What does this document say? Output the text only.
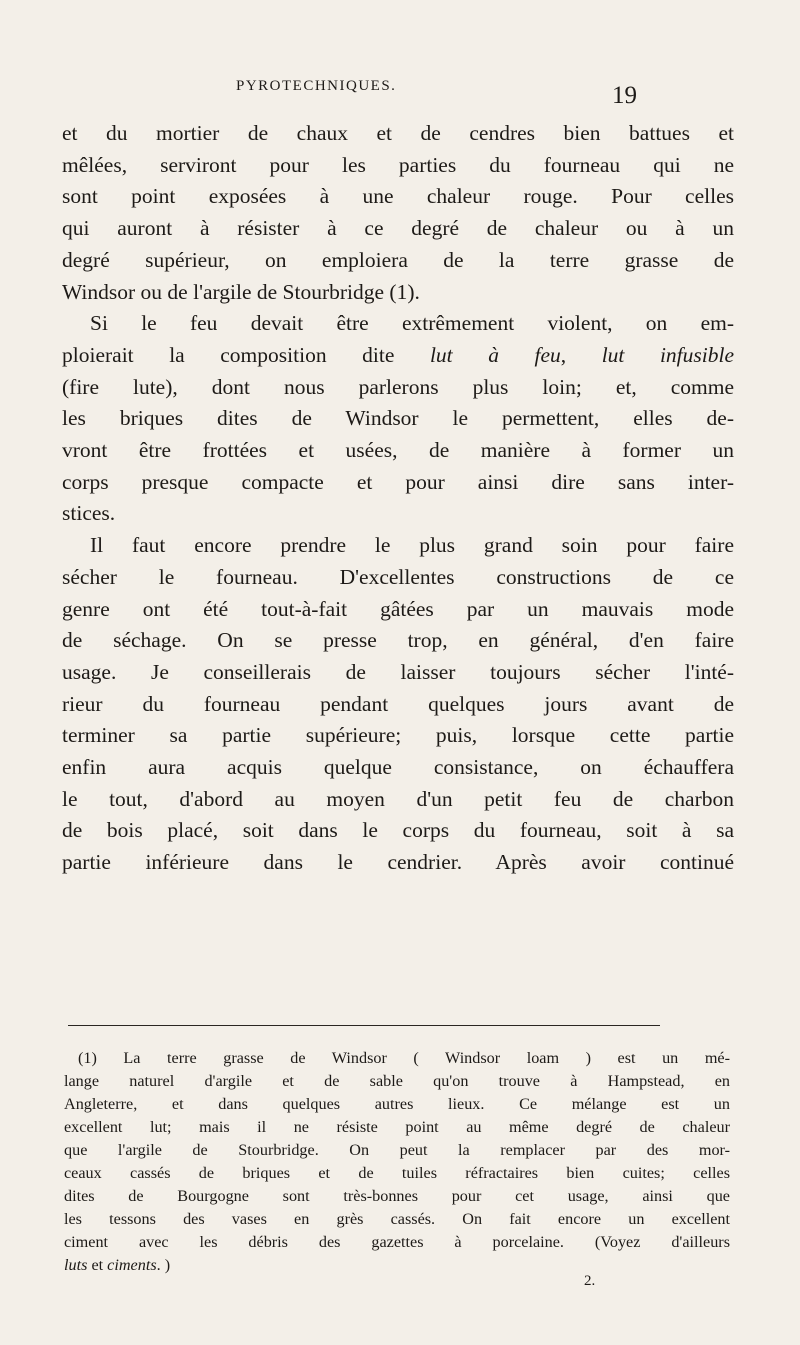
PYROTECHNIQUES.	19
et du mortier de chaux et de cendres bien battues et
mêlées, serviront pour les parties du fourneau qui ne
sont point exposées à une chaleur rouge. Pour celles
qui auront à résister à ce degré de chaleur ou à un
degré supérieur, on emploiera de la terre grasse de
Windsor ou de l'argile de Stourbridge (1).
Si le feu devait être extrêmement violent, on em-
ploierait la composition dite lut à feu, lut infusible
(fire lute), dont nous parlerons plus loin; et, comme
les briques dites de Windsor le permettent, elles de-
vront être frottées et usées, de manière à former un
corps presque compacte et pour ainsi dire sans inter-
stices.
Il faut encore prendre le plus grand soin pour faire
sécher le fourneau. D'excellentes constructions de ce
genre ont été tout-à-fait gâtées par un mauvais mode
de séchage. On se presse trop, en général, d'en faire
usage. Je conseillerais de laisser toujours sécher l'inté-
rieur du fourneau pendant quelques jours avant de
terminer sa partie supérieure; puis, lorsque cette partie
enfin aura acquis quelque consistance, on échauffera
le tout, d'abord au moyen d'un petit feu de charbon
de bois placé, soit dans le corps du fourneau, soit à sa
partie inférieure dans le cendrier. Après avoir continué
(1) La terre grasse de Windsor ( Windsor loam ) est un mé-
lange naturel d'argile et de sable qu'on trouve à Hampstead, en
Angleterre, et dans quelques autres lieux. Ce mélange est un
excellent lut; mais il ne résiste point au même degré de chaleur
que l'argile de Stourbridge. On peut la remplacer par des mor-
ceaux cassés de briques et de tuiles réfractaires bien cuites; celles
dites de Bourgogne sont très-bonnes pour cet usage, ainsi que
les tessons des vases en grès cassés. On fait encore un excellent
ciment avec les débris des gazettes à porcelaine. (Voyez d'ailleurs
luts et ciments. )
2.
